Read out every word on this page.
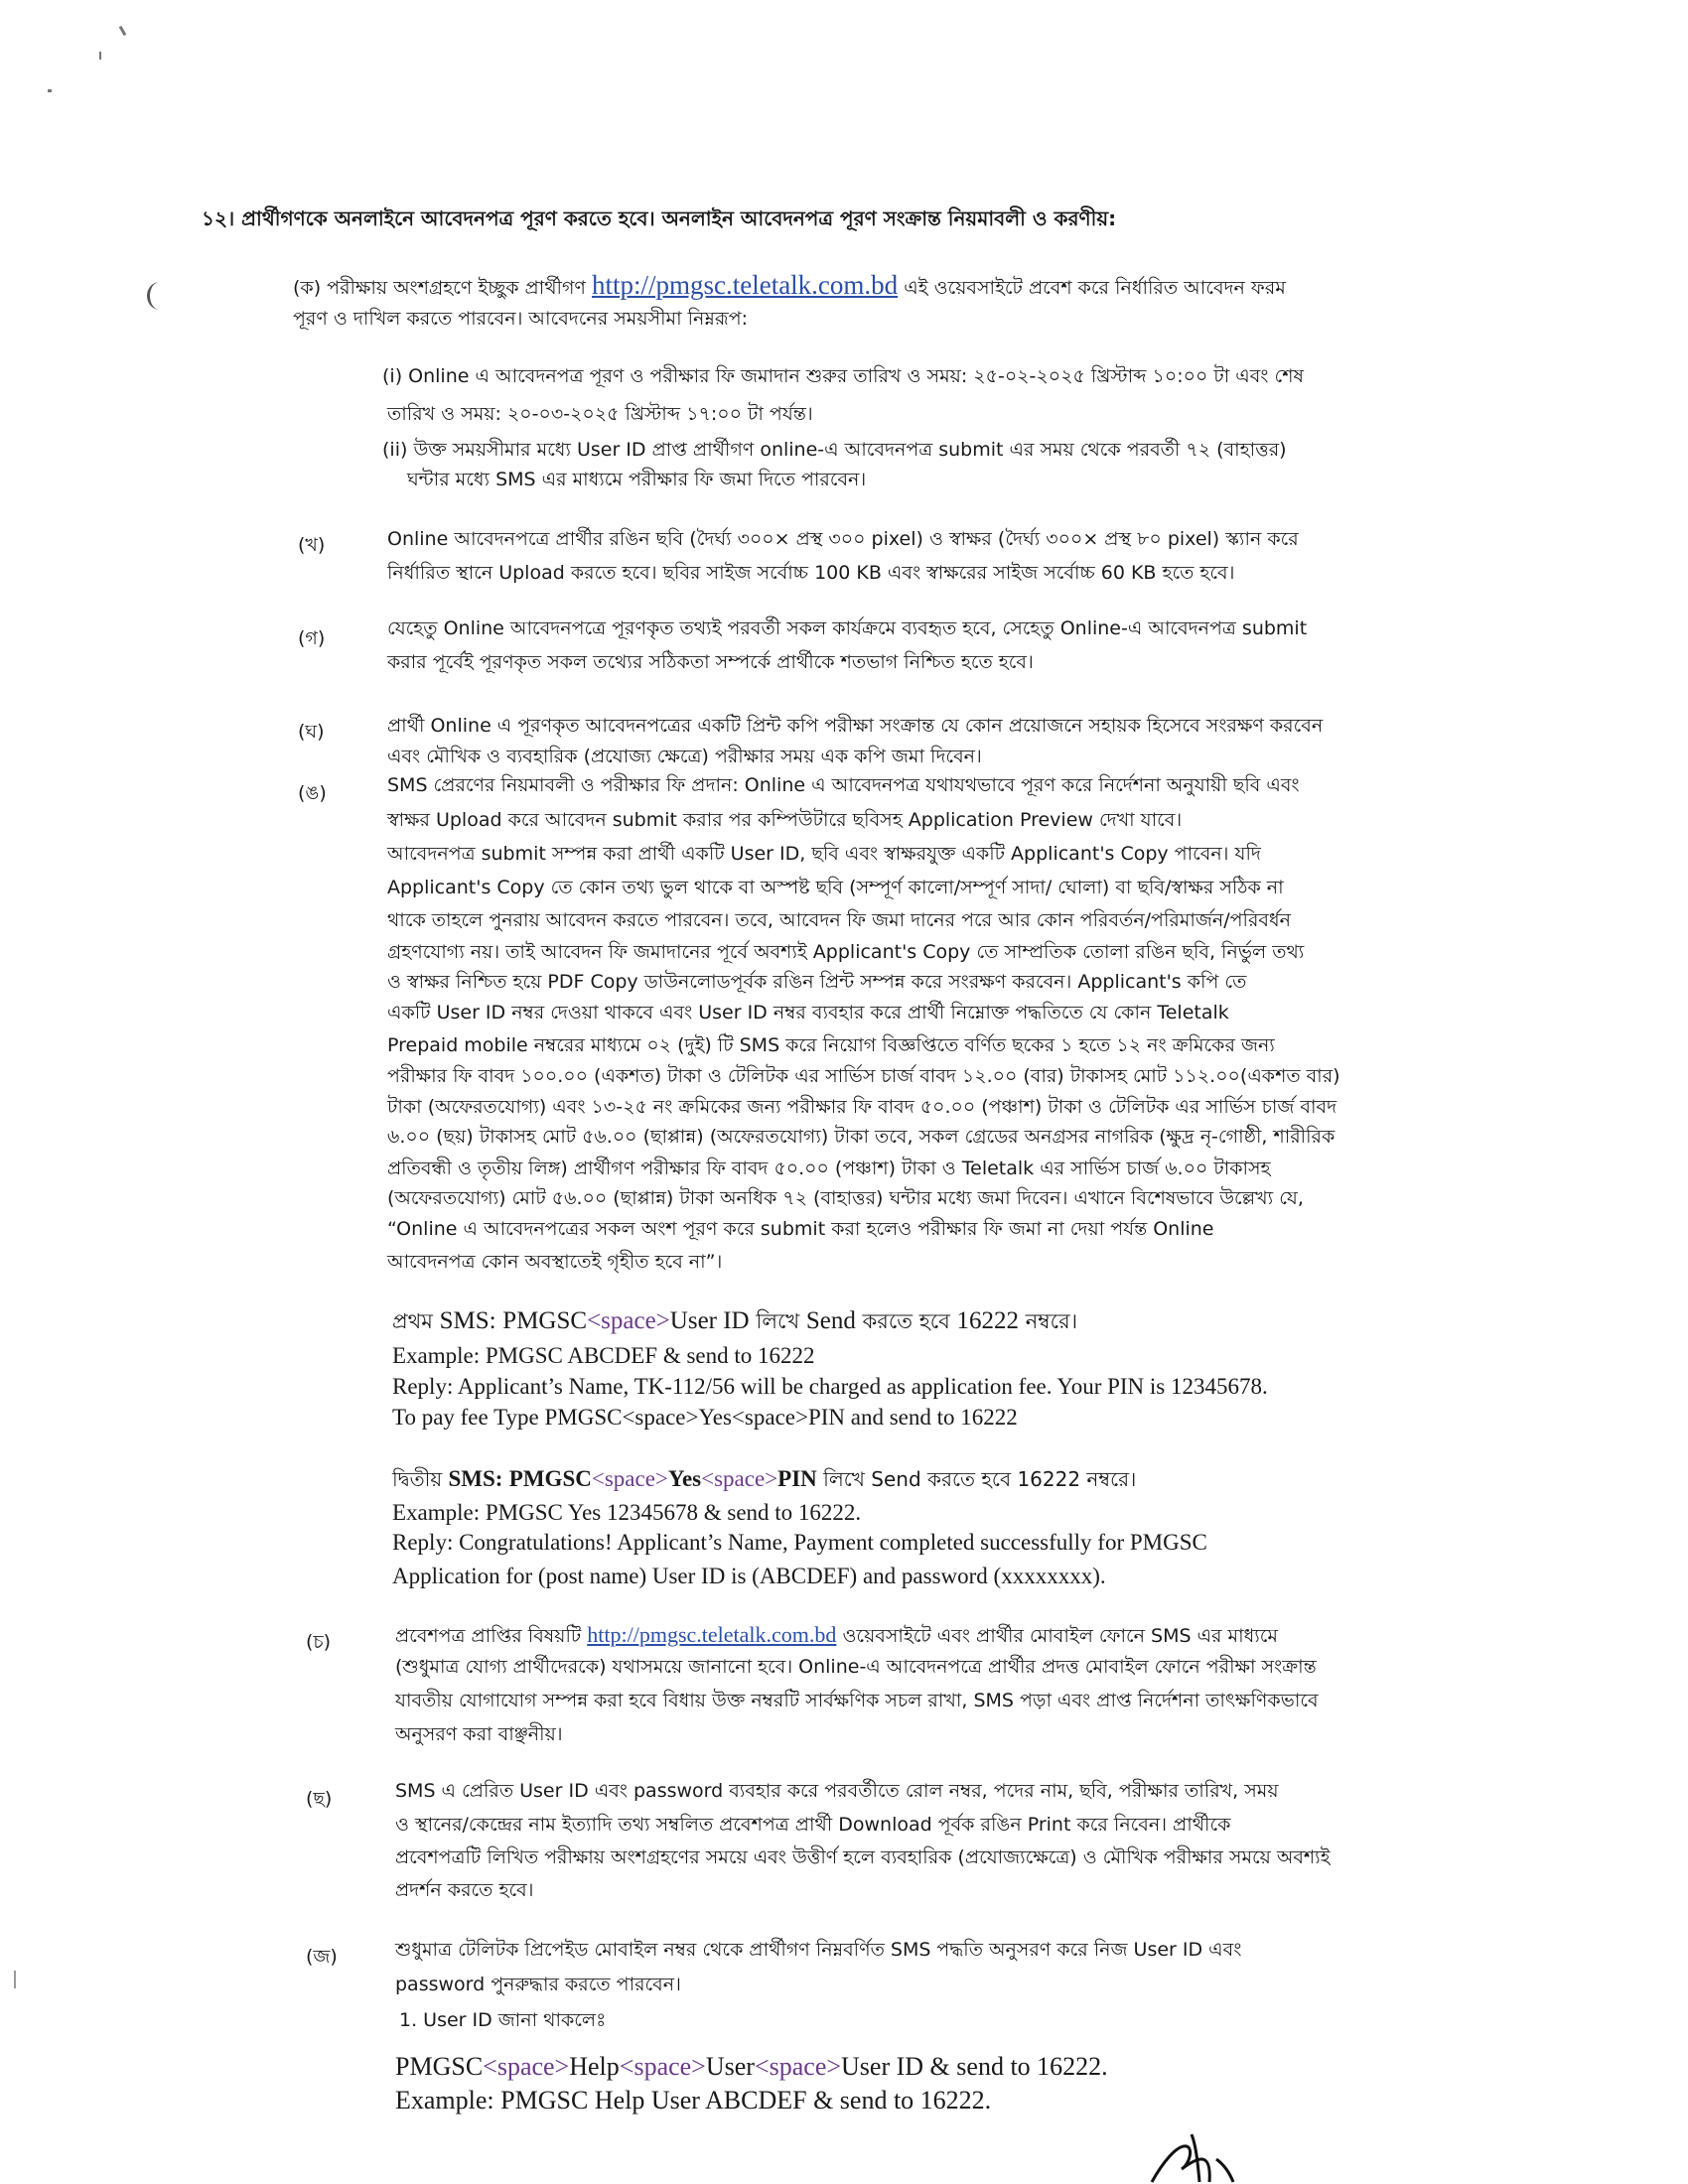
১২। প্রার্থীগণকে অনলাইনে আবেদনপত্র পূরণ করতে হবে। অনলাইন আবেদনপত্র পূরণ সংক্রান্ত নিয়মাবলী ও করণীয়:
(ক) পরীক্ষায় অংশগ্রহণে ইচ্ছুক প্রার্থীগণ http://pmgsc.teletalk.com.bd এই ওয়েবসাইটে প্রবেশ করে নির্ধারিত আবেদন ফরম
পূরণ ও দাখিল করতে পারবেন। আবেদনের সময়সীমা নিম্নরূপ:
(i) Online এ আবেদনপত্র পূরণ ও পরীক্ষার ফি জমাদান শুরুর তারিখ ও সময়: ২৫-০২-২০২৫ খ্রিস্টাব্দ ১০:০০ টা এবং শেষ
তারিখ ও সময়: ২০-০৩-২০২৫ খ্রিস্টাব্দ ১৭:০০ টা পর্যন্ত।
(ii) উক্ত সময়সীমার মধ্যে User ID প্রাপ্ত প্রার্থীগণ online-এ আবেদনপত্র submit এর সময় থেকে পরবর্তী ৭২ (বাহাত্তর)
ঘন্টার মধ্যে SMS এর মাধ্যমে পরীক্ষার ফি জমা দিতে পারবেন।
(খ)	Online আবেদনপত্রে প্রার্থীর রঙিন ছবি (দৈর্ঘ্য ৩০০× প্রস্থ ৩০০ pixel) ও স্বাক্ষর (দৈর্ঘ্য ৩০০× প্রস্থ ৮০ pixel) স্ক্যান করে
নির্ধারিত স্থানে Upload করতে হবে। ছবির সাইজ সর্বোচ্চ 100 KB এবং স্বাক্ষরের সাইজ সর্বোচ্চ 60 KB হতে হবে।
(গ)	যেহেতু Online আবেদনপত্রে পূরণকৃত তথ্যই পরবর্তী সকল কার্যক্রমে ব্যবহৃত হবে, সেহেতু Online-এ আবেদনপত্র submit
করার পূর্বেই পূরণকৃত সকল তথ্যের সঠিকতা সম্পর্কে প্রার্থীকে শতভাগ নিশ্চিত হতে হবে।
(ঘ)	প্রার্থী Online এ পূরণকৃত আবেদনপত্রের একটি প্রিন্ট কপি পরীক্ষা সংক্রান্ত যে কোন প্রয়োজনে সহায়ক হিসেবে সংরক্ষণ করবেন
এবং মৌখিক ও ব্যবহারিক (প্রযোজ্য ক্ষেত্রে) পরীক্ষার সময় এক কপি জমা দিবেন।
(ঙ)	SMS প্রেরণের নিয়মাবলী ও পরীক্ষার ফি প্রদান: Online এ আবেদনপত্র যথাযথভাবে পূরণ করে নির্দেশনা অনুযায়ী ছবি এবং
স্বাক্ষর Upload করে আবেদন submit করার পর কম্পিউটারে ছবিসহ Application Preview দেখা যাবে।
আবেদনপত্র submit সম্পন্ন করা প্রার্থী একটি User ID, ছবি এবং স্বাক্ষরযুক্ত একটি Applicant's Copy পাবেন। যদি
Applicant's Copy তে কোন তথ্য ভুল থাকে বা অস্পষ্ট ছবি (সম্পূর্ণ কালো/সম্পূর্ণ সাদা/ ঘোলা) বা ছবি/স্বাক্ষর সঠিক না
থাকে তাহলে পুনরায় আবেদন করতে পারবেন। তবে, আবেদন ফি জমা দানের পরে আর কোন পরিবর্তন/পরিমার্জন/পরিবর্ধন
গ্রহণযোগ্য নয়। তাই আবেদন ফি জমাদানের পূর্বে অবশ্যই Applicant's Copy তে সাম্প্রতিক তোলা রঙিন ছবি, নির্ভুল তথ্য
ও স্বাক্ষর নিশ্চিত হয়ে PDF Copy ডাউনলোডপূর্বক রঙিন প্রিন্ট সম্পন্ন করে সংরক্ষণ করবেন। Applicant's কপি তে
একটি User ID নম্বর দেওয়া থাকবে এবং User ID নম্বর ব্যবহার করে প্রার্থী নিম্নোক্ত পদ্ধতিতে যে কোন Teletalk
Prepaid mobile নম্বরের মাধ্যমে ০২ (দুই) টি SMS করে নিয়োগ বিজ্ঞপ্তিতে বর্ণিত ছকের ১ হতে ১২ নং ক্রমিকের জন্য
পরীক্ষার ফি বাবদ ১০০.০০ (একশত) টাকা ও টেলিটক এর সার্ভিস চার্জ বাবদ ১২.০০ (বার) টাকাসহ মোট ১১২.০০(একশত বার)
টাকা (অফেরতযোগ্য) এবং ১৩-২৫ নং ক্রমিকের জন্য পরীক্ষার ফি বাবদ ৫০.০০ (পঞ্চাশ) টাকা ও টেলিটক এর সার্ভিস চার্জ বাবদ
৬.০০ (ছয়) টাকাসহ মোট ৫৬.০০ (ছাপ্পান্ন) (অফেরতযোগ্য) টাকা তবে, সকল গ্রেডের অনগ্রসর নাগরিক (ক্ষুদ্র নৃ-গোষ্ঠী, শারীরিক
প্রতিবন্ধী ও তৃতীয় লিঙ্গ) প্রার্থীগণ পরীক্ষার ফি বাবদ ৫০.০০ (পঞ্চাশ) টাকা ও Teletalk এর সার্ভিস চার্জ ৬.০০ টাকাসহ
(অফেরতযোগ্য) মোট ৫৬.০০ (ছাপ্পান্ন) টাকা অনধিক ৭২ (বাহাত্তর) ঘন্টার মধ্যে জমা দিবেন। এখানে বিশেষভাবে উল্লেখ্য যে,
“Online এ আবেদনপত্রের সকল অংশ পূরণ করে submit করা হলেও পরীক্ষার ফি জমা না দেয়া পর্যন্ত Online
আবেদনপত্র কোন অবস্থাতেই গৃহীত হবে না”।
প্রথম SMS: PMGSC<space>User ID লিখে Send করতে হবে 16222 নম্বরে।
Example: PMGSC ABCDEF & send to 16222
Reply: Applicant’s Name, TK-112/56 will be charged as application fee. Your PIN is 12345678.
To pay fee Type PMGSC<space>Yes<space>PIN and send to 16222
দ্বিতীয় SMS: PMGSC<space>Yes<space>PIN লিখে Send করতে হবে 16222 নম্বরে।
Example: PMGSC Yes 12345678 & send to 16222.
Reply: Congratulations! Applicant’s Name, Payment completed successfully for PMGSC
Application for (post name) User ID is (ABCDEF) and password (xxxxxxxx).
(চ)	প্রবেশপত্র প্রাপ্তির বিষয়টি http://pmgsc.teletalk.com.bd ওয়েবসাইটে এবং প্রার্থীর মোবাইল ফোনে SMS এর মাধ্যমে
(শুধুমাত্র যোগ্য প্রার্থীদেরকে) যথাসময়ে জানানো হবে। Online-এ আবেদনপত্রে প্রার্থীর প্রদত্ত মোবাইল ফোনে পরীক্ষা সংক্রান্ত
যাবতীয় যোগাযোগ সম্পন্ন করা হবে বিধায় উক্ত নম্বরটি সার্বক্ষণিক সচল রাখা, SMS পড়া এবং প্রাপ্ত নির্দেশনা তাৎক্ষণিকভাবে
অনুসরণ করা বাঞ্ছনীয়।
(ছ)	SMS এ প্রেরিত User ID এবং password ব্যবহার করে পরবর্তীতে রোল নম্বর, পদের নাম, ছবি, পরীক্ষার তারিখ, সময়
ও স্থানের/কেন্দ্রের নাম ইত্যাদি তথ্য সম্বলিত প্রবেশপত্র প্রার্থী Download পূর্বক রঙিন Print করে নিবেন। প্রার্থীকে
প্রবেশপত্রটি লিখিত পরীক্ষায় অংশগ্রহণের সময়ে এবং উত্তীর্ণ হলে ব্যবহারিক (প্রযোজ্যক্ষেত্রে) ও মৌখিক পরীক্ষার সময়ে অবশ্যই
প্রদর্শন করতে হবে।
(জ)	শুধুমাত্র টেলিটক প্রিপেইড মোবাইল নম্বর থেকে প্রার্থীগণ নিম্নবর্ণিত SMS পদ্ধতি অনুসরণ করে নিজ User ID এবং
password পুনরুদ্ধার করতে পারবেন।
1. User ID জানা থাকলেঃ
PMGSC<space>Help<space>User<space>User ID & send to 16222.
Example: PMGSC Help User ABCDEF & send to 16222.
